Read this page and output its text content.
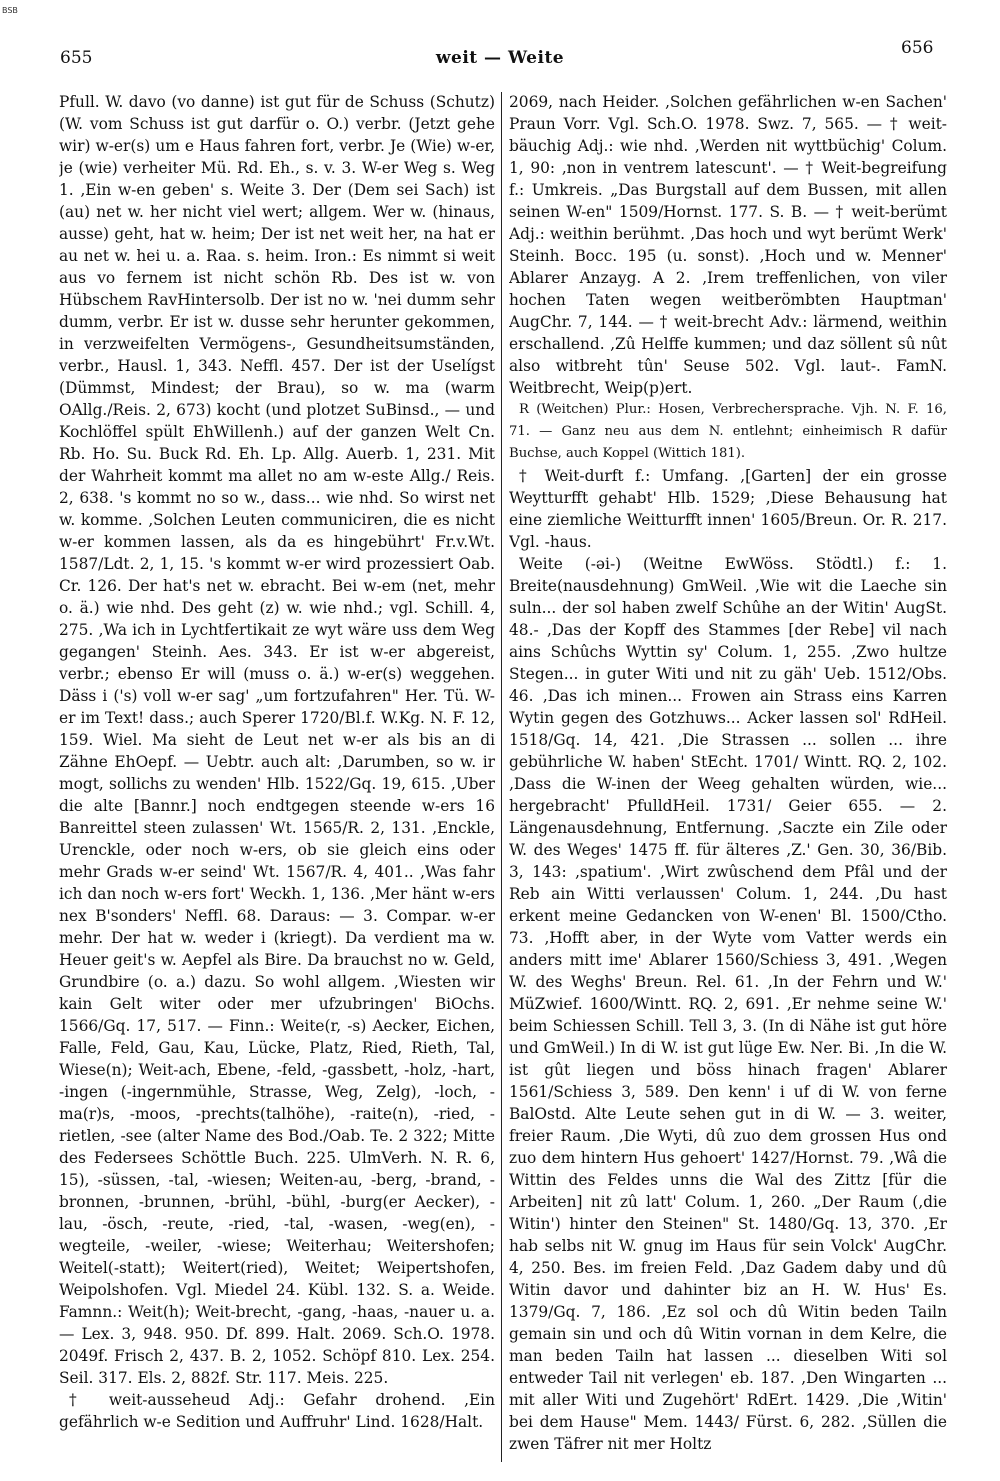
BSB
655	weit — Weite	656

Pfull. W. davo (vo danne) ist gut für de Schuss (Schutz) (W. vom Schuss ist gut darfür o. O.) verbr. (Jetzt gehe wir) w-er(s) um e Haus fahren fort, verbr. Je (Wie) w-er, je (wie) verheiter Mü. Rd. Eh., s. v. 3. W-er Weg s. Weg 1. ‚Ein w-en geben' s. Weite 3. Der (Dem sei Sach) ist (au) net w. her nicht viel wert; allgem. Wer w. (hinaus, ausse) geht, hat w. heim; Der ist net weit her, na hat er au net w. hei u. a. Raa. s. heim. Iron.: Es nimmt si weit aus vo fernem ist nicht schön Rb. Des ist w. von Hübschem RavHintersolb. Der ist no w. 'nei dumm sehr dumm, verbr. Er ist w. dusse sehr herunter gekommen, in verzweifelten Vermögens-, Gesundheitsumständen, verbr., Hausl. 1, 343. Neffl. 457. Der ist der Uselígst (Dümmst, Mindest; der Brau), so w. ma (warm OAllg./Reis. 2, 673) kocht (und plotzet SuBinsd., — und Kochlöffel spült EhWillenh.) auf der ganzen Welt Cn. Rb. Ho. Su. Buck Rd. Eh. Lp. Allg. Auerb. 1, 231. Mit der Wahrheit kommt ma allet no am w-este Allg./ Reis. 2, 638. 's kommt no so w., dass... wie nhd. So wirst net w. komme. ‚Solchen Leuten communiciren, die es nicht w-er kommen lassen, als da es hingebührt' Fr.v.Wt. 1587/Ldt. 2, 1, 15. 's kommt w-er wird prozessiert Oab. Cr. 126. Der hat's net w. ebracht. Bei w-em (net, mehr o. ä.) wie nhd. Des geht (z) w. wie nhd.; vgl. Schill. 4, 275. ‚Wa ich in Lychtfertikait ze wyt wäre uss dem Weg gegangen' Steinh. Aes. 343. Er ist w-er abgereist, verbr.; ebenso Er will (muss o. ä.) w-er(s) weggehen. Däss i ('s) voll w-er sag' „um fortzufahren" Her. Tü. W-er im Text! dass.; auch Sperer 1720/Bl.f. W.Kg. N. F. 12, 159. Wiel. Ma sieht de Leut net w-er als bis an di Zähne EhOepf. — Uebtr. auch alt: ‚Darumben, so w. ir mogt, sollichs zu wenden' Hlb. 1522/Gq. 19, 615. ‚Uber die alte [Bannr.] noch endtgegen steende w-ers 16 Banreittel steen zulassen' Wt. 1565/R. 2, 131. ‚Enckle, Urenckle, oder noch w-ers, ob sie gleich eins oder mehr Grads w-er seind' Wt. 1567/R. 4, 401.. ‚Was fahr ich dan noch w-ers fort' Weckh. 1, 136. ‚Mer hänt w-ers nex B'sonders' Neffl. 68. Daraus: — 3. Compar. w-er mehr. Der hat w. weder i (kriegt). Da verdient ma w. Heuer geit's w. Aepfel als Bire. Da brauchst no w. Geld, Grundbire (o. a.) dazu. So wohl allgem. ‚Wiesten wir kain Gelt witer oder mer ufzubringen' BiOchs. 1566/Gq. 17, 517. — Finn.: Weite(r, -s) Aecker, Eichen, Falle, Feld, Gau, Kau, Lücke, Platz, Ried, Rieth, Tal, Wiese(n); Weit-ach, Ebene, -feld, -gassbett, -holz, -hart, -ingen (-ingernmühle, Strasse, Weg, Zelg), -loch, -ma(r)s, -moos, -prechts(talhöhe), -raite(n), -ried, -rietlen, -see (alter Name des Bod./Oab. Te. 2 322; Mitte des Federsees Schöttle Buch. 225. UlmVerh. N. R. 6, 15), -süssen, -tal, -wiesen; Weiten-au, -berg, -brand, -bronnen, -brunnen, -brühl, -bühl, -burg(er Aecker), -lau, -ösch, -reute, -ried, -tal, -wasen, -weg(en), -wegteile, -weiler, -wiese; Weiterhau; Weitershofen; Weitel(-statt); Weitert(ried), Weitet; Weipertshofen, Weipolshofen. Vgl. Miedel 24. Kübl. 132. S. a. Weide. Famnn.: Weit(h); Weit-brecht, -gang, -haas, -nauer u. a. — Lex. 3, 948. 950. Df. 899. Halt. 2069. Sch.O. 1978. 2049f. Frisch 2, 437. B. 2, 1052. Schöpf 810. Lex. 254. Seil. 317. Els. 2, 882f. Str. 117. Meis. 225.

† weit-ausseheud Adj.: Gefahr drohend. ‚Ein gefährlich w-e Sedition und Auffruhr' Lind. 1628/Halt.

2069, nach Heider. ‚Solchen gefährlichen w-en Sachen' Praun Vorr. Vgl. Sch.O. 1978. Swz. 7, 565. — † weit-bäuchig Adj.: wie nhd. ‚Werden nit wyttbüchig' Colum. 1, 90: ‚non in ventrem latescunt'. — † Weit-begreifung f.: Umkreis. „Das Burgstall auf dem Bussen, mit allen seinen W-en" 1509/Hornst. 177. S. B. — † weit-berümt Adj.: weithin berühmt. ‚Das hoch und wyt berümt Werk' Steinh. Bocc. 195 (u. sonst). ‚Hoch und w. Menner' Ablarer Anzayg. A 2. ‚Irem treffenlichen, von viler hochen Taten wegen weitberömbten Hauptman' AugChr. 7, 144. — † weit-brecht Adv.: lärmend, weithin erschallend. ‚Zû Helffe kummen; und daz söllent sû nût also witbreht tûn' Seuse 502. Vgl. laut-. FamN. Weitbrecht, Weip(p)ert.

R (Weitchen) Plur.: Hosen, Verbrechersprache. Vjh. N. F. 16, 71. — Ganz neu aus dem N. entlehnt; einheimisch R dafür Buchse, auch Koppel (Wittich 181).

† Weit-durft f.: Umfang. ‚[Garten] der ein grosse Weytturfft gehabt' Hlb. 1529; ‚Diese Behausung hat eine ziemliche Weitturfft innen' 1605/Breun. Or. R. 217. Vgl. -haus.

Weite (-əi-) (Weitne EwWöss. Stödtl.) f.: 1. Breite(nausdehnung) GmWeil. ‚Wie wit die Laeche sin suln... der sol haben zwelf Schûhe an der Witin' AugSt. 48.- ‚Das der Kopff des Stammes [der Rebe] vil nach ains Schûchs Wyttin sy' Colum. 1, 255. ‚Zwo hultze Stegen... in guter Witi und nit zu gäh' Ueb. 1512/Obs. 46. ‚Das ich minen... Frowen ain Strass eins Karren Wytin gegen des Gotzhuws... Acker lassen sol' RdHeil. 1518/Gq. 14, 421. ‚Die Strassen ... sollen ... ihre gebührliche W. haben' StEcht. 1701/ Wintt. RQ. 2, 102. ‚Dass die W-inen der Weeg gehalten würden, wie... hergebracht' PfulldHeil. 1731/ Geier 655. — 2. Längenausdehnung, Entfernung. ‚Saczte ein Zile oder W. des Weges' 1475 ff. für älteres ‚Z.' Gen. 30, 36/Bib. 3, 143: ‚spatium'. ‚Wirt zwûschend dem Pfâl und der Reb ain Witti verlaussen' Colum. 1, 244. ‚Du hast erkent meine Gedancken von W-enen' Bl. 1500/Ctho. 73. ‚Hofft aber, in der Wyte vom Vatter werds ein anders mitt ime' Ablarer 1560/Schiess 3, 491. ‚Wegen W. des Weghs' Breun. Rel. 61. ‚In der Fehrn und W.' MüZwief. 1600/Wintt. RQ. 2, 691. ‚Er nehme seine W.' beim Schiessen Schill. Tell 3, 3. (In di Nähe ist gut höre und GmWeil.) In di W. ist gut lüge Ew. Ner. Bi. ‚In die W. ist gût liegen und böss hinach fragen' Ablarer 1561/Schiess 3, 589. Den kenn' i uf di W. von ferne BalOstd. Alte Leute sehen gut in di W. — 3. weiter, freier Raum. ‚Die Wyti, dû zuo dem grossen Hus ond zuo dem hintern Hus gehoert' 1427/Hornst. 79. ‚Wâ die Wittin des Feldes unns die Wal des Zittz [für die Arbeiten] nit zû latt' Colum. 1, 260. „Der Raum (‚die Witin') hinter den Steinen" St. 1480/Gq. 13, 370. ‚Er hab selbs nit W. gnug im Haus für sein Volck' AugChr. 4, 250. Bes. im freien Feld. ‚Daz Gadem daby und dû Witin davor und dahinter biz an H. W. Hus' Es. 1379/Gq. 7, 186. ‚Ez sol och dû Witin beden Tailn gemain sin und och dû Witin vornan in dem Kelre, die man beden Tailn hat lassen ... dieselben Witi sol entweder Tail nit verlegen' eb. 187. ‚Den Wingarten ... mit aller Witi und Zugehört' RdErt. 1429. ‚Die ‚Witin' bei dem Hause" Mem. 1443/ Fürst. 6, 282. ‚Süllen die zwen Täfrer nit mer Holtz
